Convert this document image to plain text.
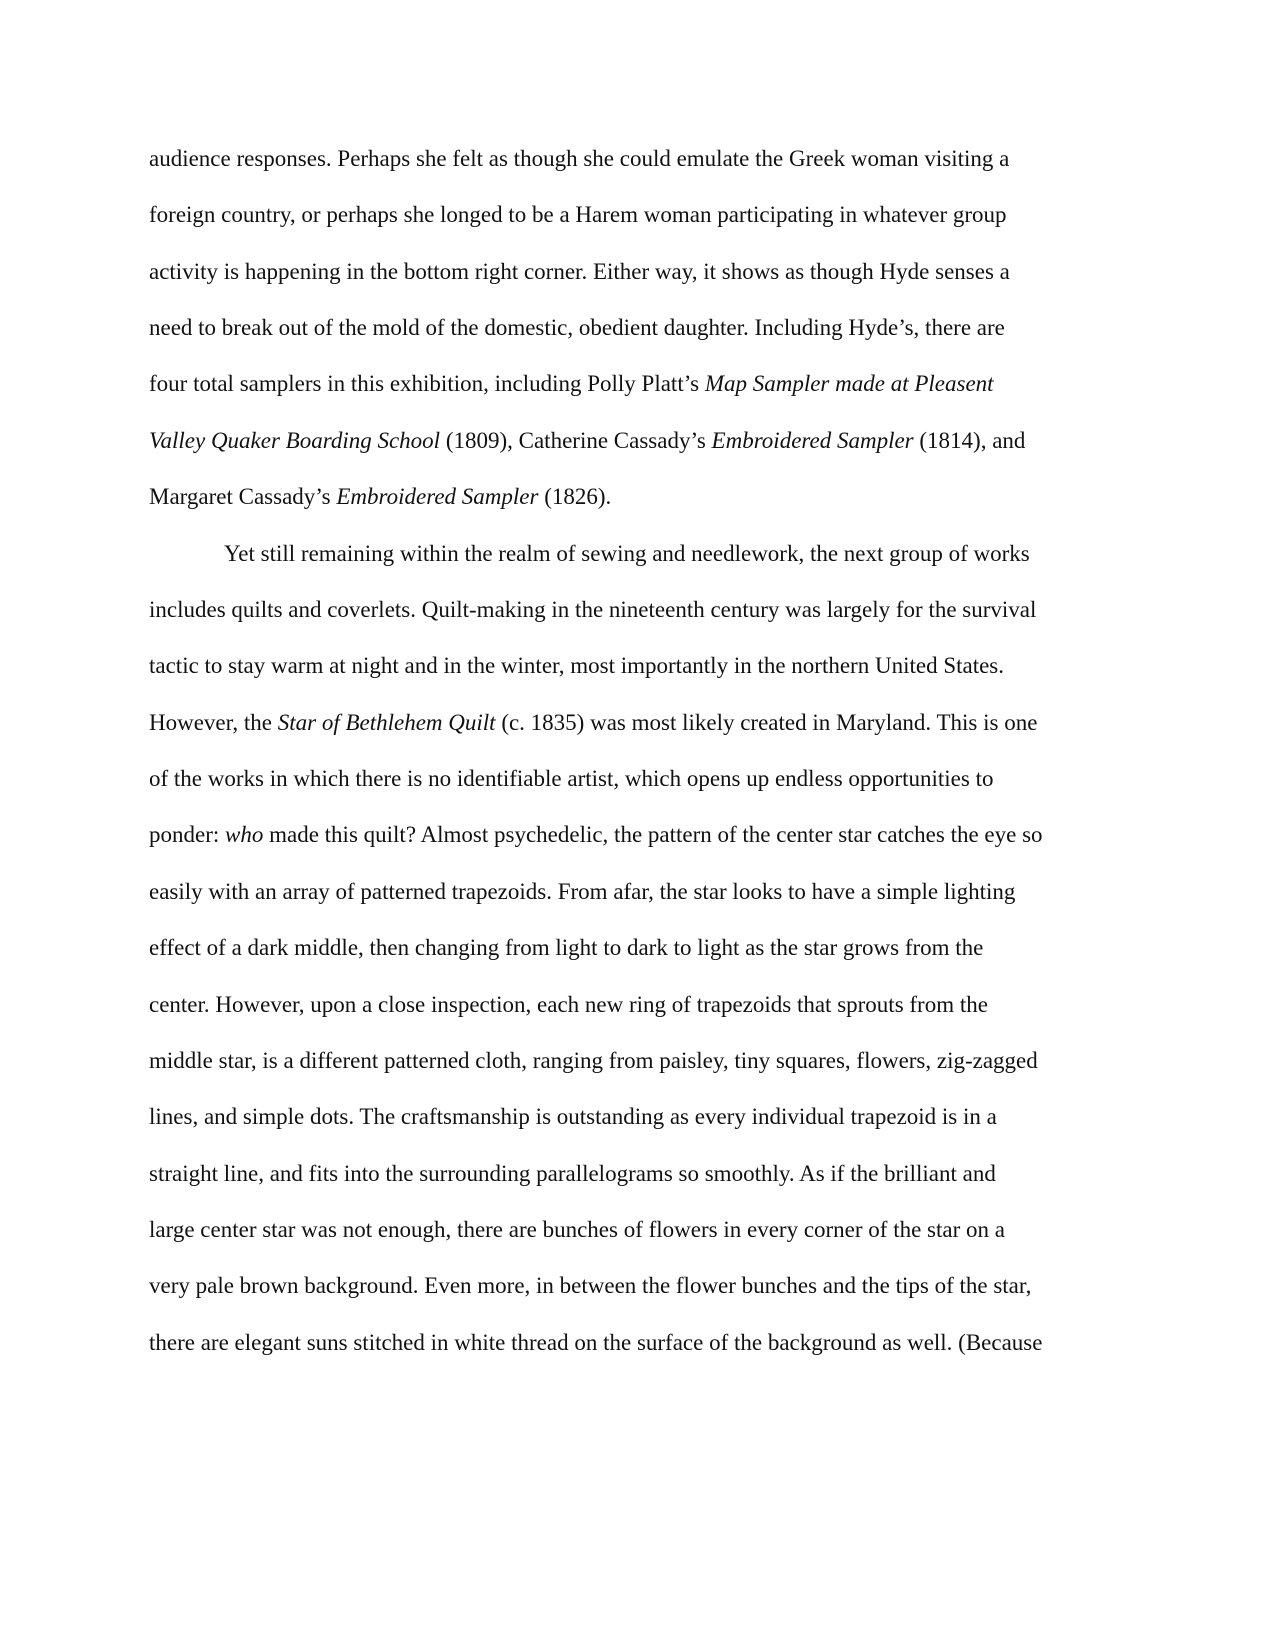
audience responses. Perhaps she felt as though she could emulate the Greek woman visiting a
foreign country, or perhaps she longed to be a Harem woman participating in whatever group
activity is happening in the bottom right corner. Either way, it shows as though Hyde senses a
need to break out of the mold of the domestic, obedient daughter. Including Hyde’s, there are
four total samplers in this exhibition, including Polly Platt’s Map Sampler made at Pleasent
Valley Quaker Boarding School (1809), Catherine Cassady’s Embroidered Sampler (1814), and
Margaret Cassady’s Embroidered Sampler (1826).
Yet still remaining within the realm of sewing and needlework, the next group of works
includes quilts and coverlets. Quilt-making in the nineteenth century was largely for the survival
tactic to stay warm at night and in the winter, most importantly in the northern United States.
However, the Star of Bethlehem Quilt (c. 1835) was most likely created in Maryland. This is one
of the works in which there is no identifiable artist, which opens up endless opportunities to
ponder: who made this quilt? Almost psychedelic, the pattern of the center star catches the eye so
easily with an array of patterned trapezoids. From afar, the star looks to have a simple lighting
effect of a dark middle, then changing from light to dark to light as the star grows from the
center. However, upon a close inspection, each new ring of trapezoids that sprouts from the
middle star, is a different patterned cloth, ranging from paisley, tiny squares, flowers, zig-zagged
lines, and simple dots. The craftsmanship is outstanding as every individual trapezoid is in a
straight line, and fits into the surrounding parallelograms so smoothly. As if the brilliant and
large center star was not enough, there are bunches of flowers in every corner of the star on a
very pale brown background. Even more, in between the flower bunches and the tips of the star,
there are elegant suns stitched in white thread on the surface of the background as well. (Because
